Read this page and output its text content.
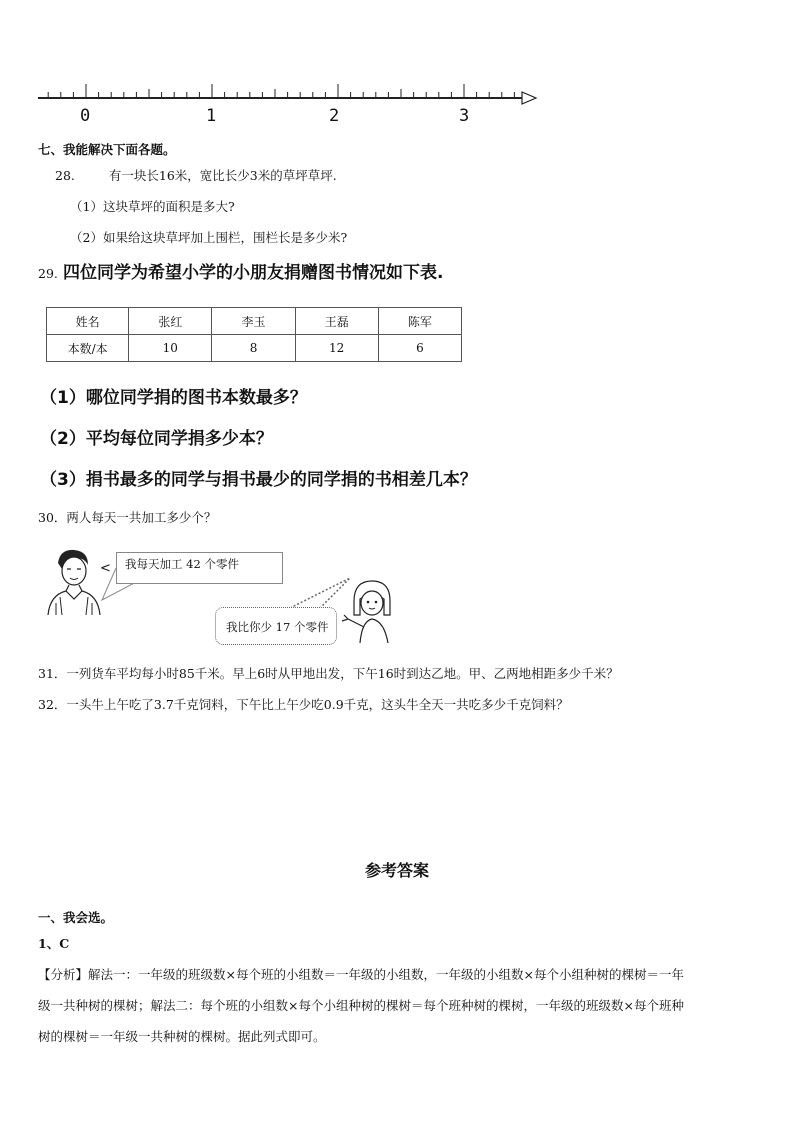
0	1	2	3
七、我能解决下面各题。
28.	有一块长16米，宽比长少3米的草坪草坪.
（1）这块草坪的面积是多大?
（2）如果给这块草坪加上围栏，围栏长是多少米?
29. 四位同学为希望小学的小朋友捐赠图书情况如下表.
姓名	张红	李玉	王磊	陈军
本数/本	10	8	12	6
（1）哪位同学捐的图书本数最多？
（2）平均每位同学捐多少本？
（3）捐书最多的同学与捐书最少的同学捐的书相差几本？
30．两人每天一共加工多少个？
< 我每天加工 42 个零件
我比你少 17 个零件
31．一列货车平均每小时85千米。早上6时从甲地出发，下午16时到达乙地。甲、乙两地相距多少千米？
32．一头牛上午吃了3.7千克饲料，下午比上午少吃0.9千克，这头牛全天一共吃多少千克饲料？
参考答案
一、我会选。
1、C
【分析】解法一：一年级的班级数×每个班的小组数＝一年级的小组数，一年级的小组数×每个小组种树的棵树＝一年
级一共种树的棵树；解法二：每个班的小组数×每个小组种树的棵树＝每个班种树的棵树，一年级的班级数×每个班种
树的棵树＝一年级一共种树的棵树。据此列式即可。
